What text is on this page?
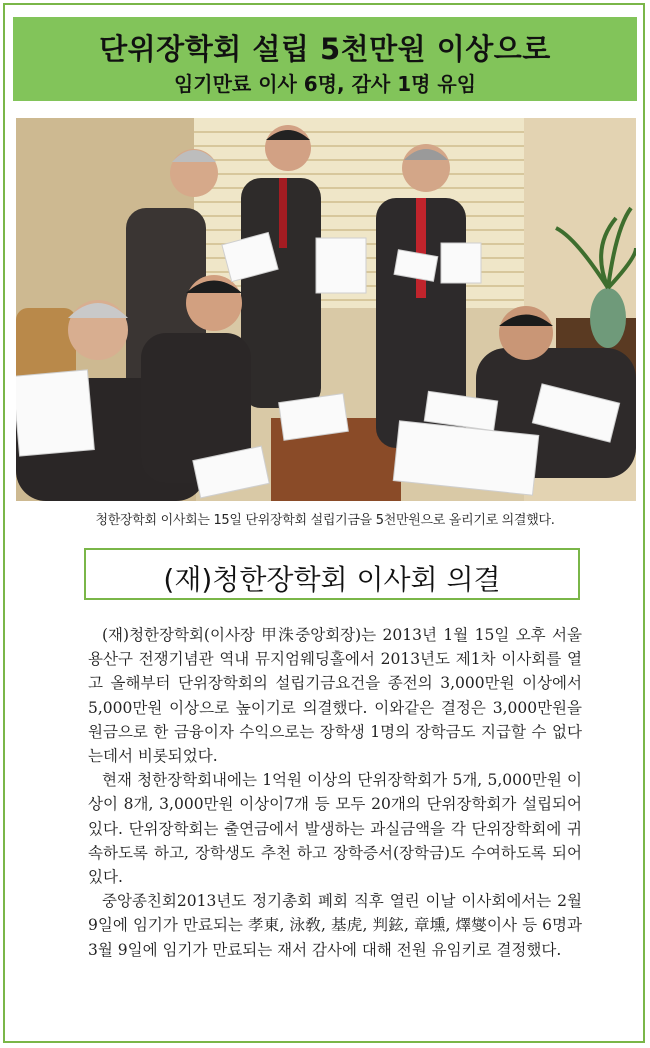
단위장학회 설립 5천만원 이상으로
임기만료 이사 6명, 감사 1명 유임
청한장학회 이사회는 15일 단위장학회 설립기금을 5천만원으로 올리기로 의결했다.
(재)청한장학회 이사회 의결

(재)청한장학회(이사장 甲洙중앙회장)는 2013년 1월 15일 오후 서울 용산구 전쟁기념관 역내 뮤지엄웨딩홀에서 2013년도 제1차 이사회를 열고 올해부터 단위장학회의 설립기금요건을 종전의 3,000만원 이상에서 5,000만원 이상으로 높이기로 의결했다. 이와같은 결정은 3,000만원을 원금으로 한 금융이자 수익으로는 장학생 1명의 장학금도 지급할 수 없다는데서 비롯되었다.

현재 청한장학회내에는 1억원 이상의 단위장학회가 5개, 5,000만원 이상이 8개, 3,000만원 이상이7개 등 모두 20개의 단위장학회가 설립되어있다. 단위장학회는 출연금에서 발생하는 과실금액을 각 단위장학회에 귀속하도록 하고, 장학생도 추천 하고 장학증서(장학금)도 수여하도록 되어있다.

중앙종친회2013년도 정기총회 폐회 직후 열린 이날 이사회에서는 2월 9일에 임기가 만료되는 孝東, 泳敎, 基虎, 判鉉, 章壎, 燡燮이사 등 6명과 3월 9일에 임기가 만료되는 재서 감사에 대해 전원 유임키로 결정했다.
